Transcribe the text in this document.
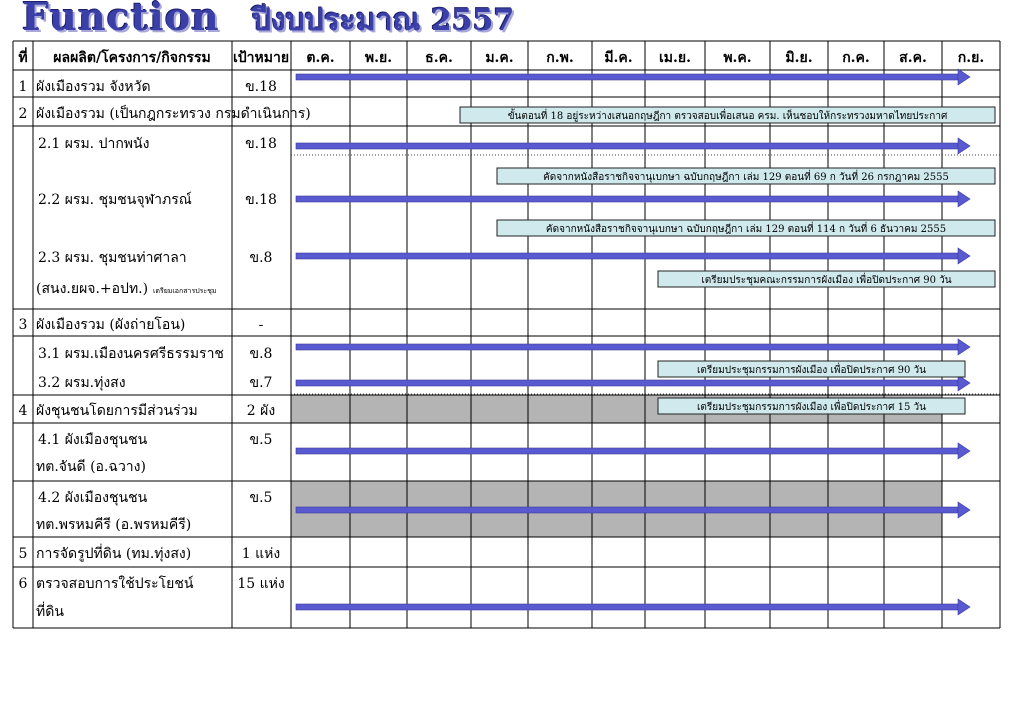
Function ปีงบประมาณ 2557
ที่ ผลผลิต/โครงการ/กิจกรรม เป้าหมาย ต.ค. พ.ย. ธ.ค. ม.ค. ก.พ. มี.ค. เม.ย. พ.ค. มิ.ย. ก.ค. ส.ค. ก.ย.
1 ผังเมืองรวม จังหวัด	ข.18
2 ผังเมืองรวม (เป็นกฎกระทรวง กรมดำเนินการ)
2.1 ผรม. ปากพนัง	ข.18
2.2 ผรม. ชุมชนจุฬาภรณ์	ข.18
2.3 ผรม. ชุมชนท่าศาลา	ข.8
(สนง.ยผจ.+อปท.) เตรียมเอกสารประชุม
3 ผังเมืองรวม (ผังถ่ายโอน)	-
3.1 ผรม.เมืองนครศรีธรรมราช ข.8
3.2 ผรม.ทุ่งสง	ข.7
4 ผังชุนชนโดยการมีส่วนร่วม	2 ผัง
4.1 ผังเมืองชุนชน	ข.5
ทต.จันดี (อ.ฉวาง)
4.2 ผังเมืองชุนชน	ข.5
ทต.พรหมคีรี (อ.พรหมคีรี)
5 การจัดรูปที่ดิน (ทม.ทุ่งสง)	1 แห่ง
6 ตรวจสอบการใช้ประโยชน์	15 แห่ง
ที่ดิน
ขั้นตอนที่ 18 อยู่ระหว่างเสนอกฤษฎีกา ตรวจสอบเพื่อเสนอ ครม. เห็นชอบให้กระทรวงมหาดไทยประกาศ
คัดจากหนังสือราชกิจจานุเบกษา ฉบับกฤษฎีกา เล่ม 129 ตอนที่ 69 ก วันที่ 26 กรกฎาคม 2555
คัดจากหนังสือราชกิจจานุเบกษา ฉบับกฤษฎีกา เล่ม 129 ตอนที่ 114 ก วันที่ 6 ธันวาคม 2555
เตรียมประชุมคณะกรรมการผังเมือง เพื่อปิดประกาศ 90 วัน
เตรียมประชุมกรรมการผังเมือง เพื่อปิดประกาศ 90 วัน
เตรียมประชุมกรรมการผังเมือง เพื่อปิดประกาศ 15 วัน
